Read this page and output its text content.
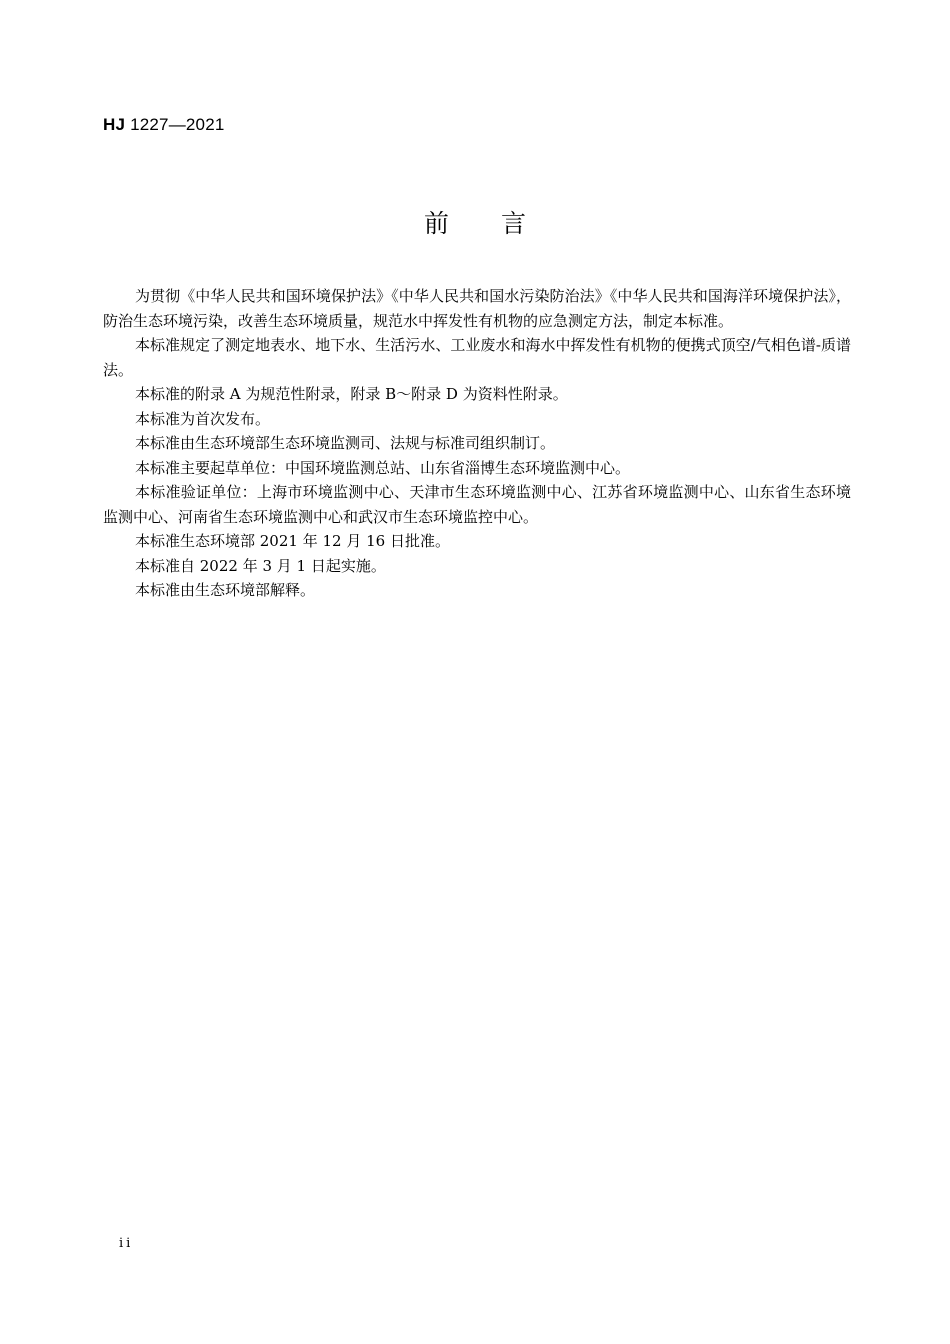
HJ 1227—2021
前言

为贯彻《中华人民共和国环境保护法》《中华人民共和国水污染防治法》《中华人民共和国海洋环境保护法》，防治生态环境污染，改善生态环境质量，规范水中挥发性有机物的应急测定方法，制定本标准。

本标准规定了测定地表水、地下水、生活污水、工业废水和海水中挥发性有机物的便携式顶空/气相色谱-质谱法。

本标准的附录 A 为规范性附录，附录 B～附录 D 为资料性附录。

本标准为首次发布。

本标准由生态环境部生态环境监测司、法规与标准司组织制订。

本标准主要起草单位：中国环境监测总站、山东省淄博生态环境监测中心。

本标准验证单位：上海市环境监测中心、天津市生态环境监测中心、江苏省环境监测中心、山东省生态环境监测中心、河南省生态环境监测中心和武汉市生态环境监控中心。

本标准生态环境部 2021 年 12 月 16 日批准。

本标准自 2022 年 3 月 1 日起实施。

本标准由生态环境部解释。

ii
